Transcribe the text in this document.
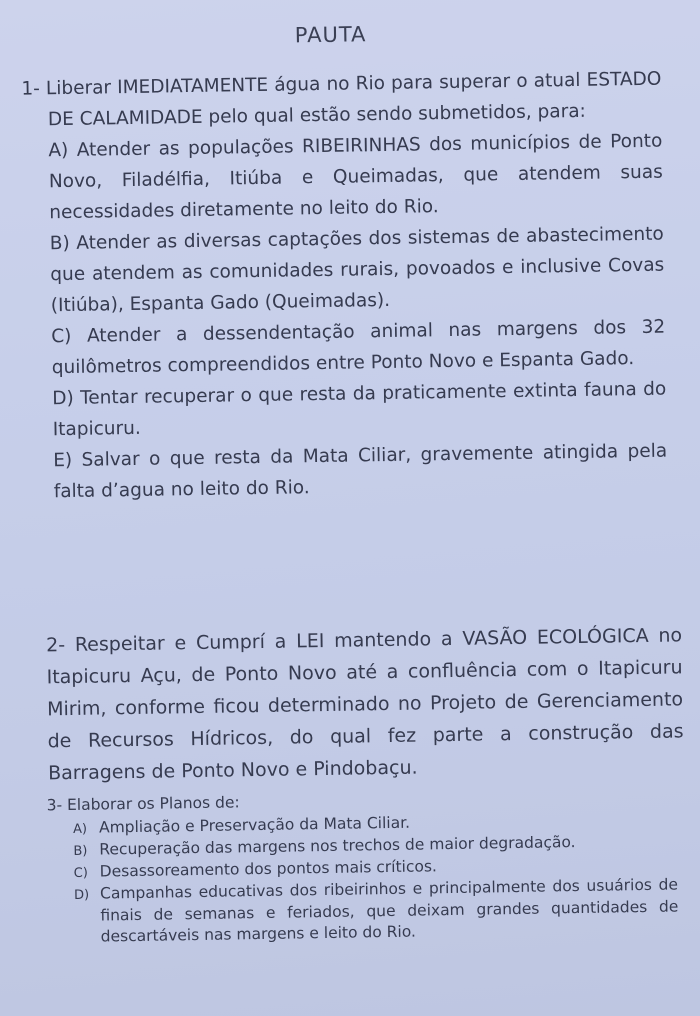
PAUTA
1- Liberar IMEDIATAMENTE água no Rio para superar o atual ESTADO DE CALAMIDADE pelo qual estão sendo submetidos, para:
A) Atender as populações RIBEIRINHAS dos municípios de Ponto Novo, Filadélfia, Itiúba e Queimadas, que atendem suas necessidades diretamente no leito do Rio.
B) Atender as diversas captações dos sistemas de abastecimento que atendem as comunidades rurais, povoados e inclusive Covas (Itiúba), Espanta Gado (Queimadas).
C) Atender a dessendentação animal nas margens dos 32 quilômetros compreendidos entre Ponto Novo e Espanta Gado.
D) Tentar recuperar o que resta da praticamente extinta fauna do Itapicuru.
E) Salvar o que resta da Mata Ciliar, gravemente atingida pela falta d’agua no leito do Rio.
2- Respeitar e Cumprí a LEI mantendo a VASÃO ECOLÓGICA no Itapicuru Açu, de Ponto Novo até a confluência com o Itapicuru Mirim, conforme ficou determinado no Projeto de Gerenciamento de Recursos Hídricos, do qual fez parte a construção das Barragens de Ponto Novo e Pindobaçu.
3- Elaborar os Planos de:
A) Ampliação e Preservação da Mata Ciliar.
B) Recuperação das margens nos trechos de maior degradação.
C) Desassoreamento dos pontos mais críticos.
D) Campanhas educativas dos ribeirinhos e principalmente dos usuários de finais de semanas e feriados, que deixam grandes quantidades de descartáveis nas margens e leito do Rio.
